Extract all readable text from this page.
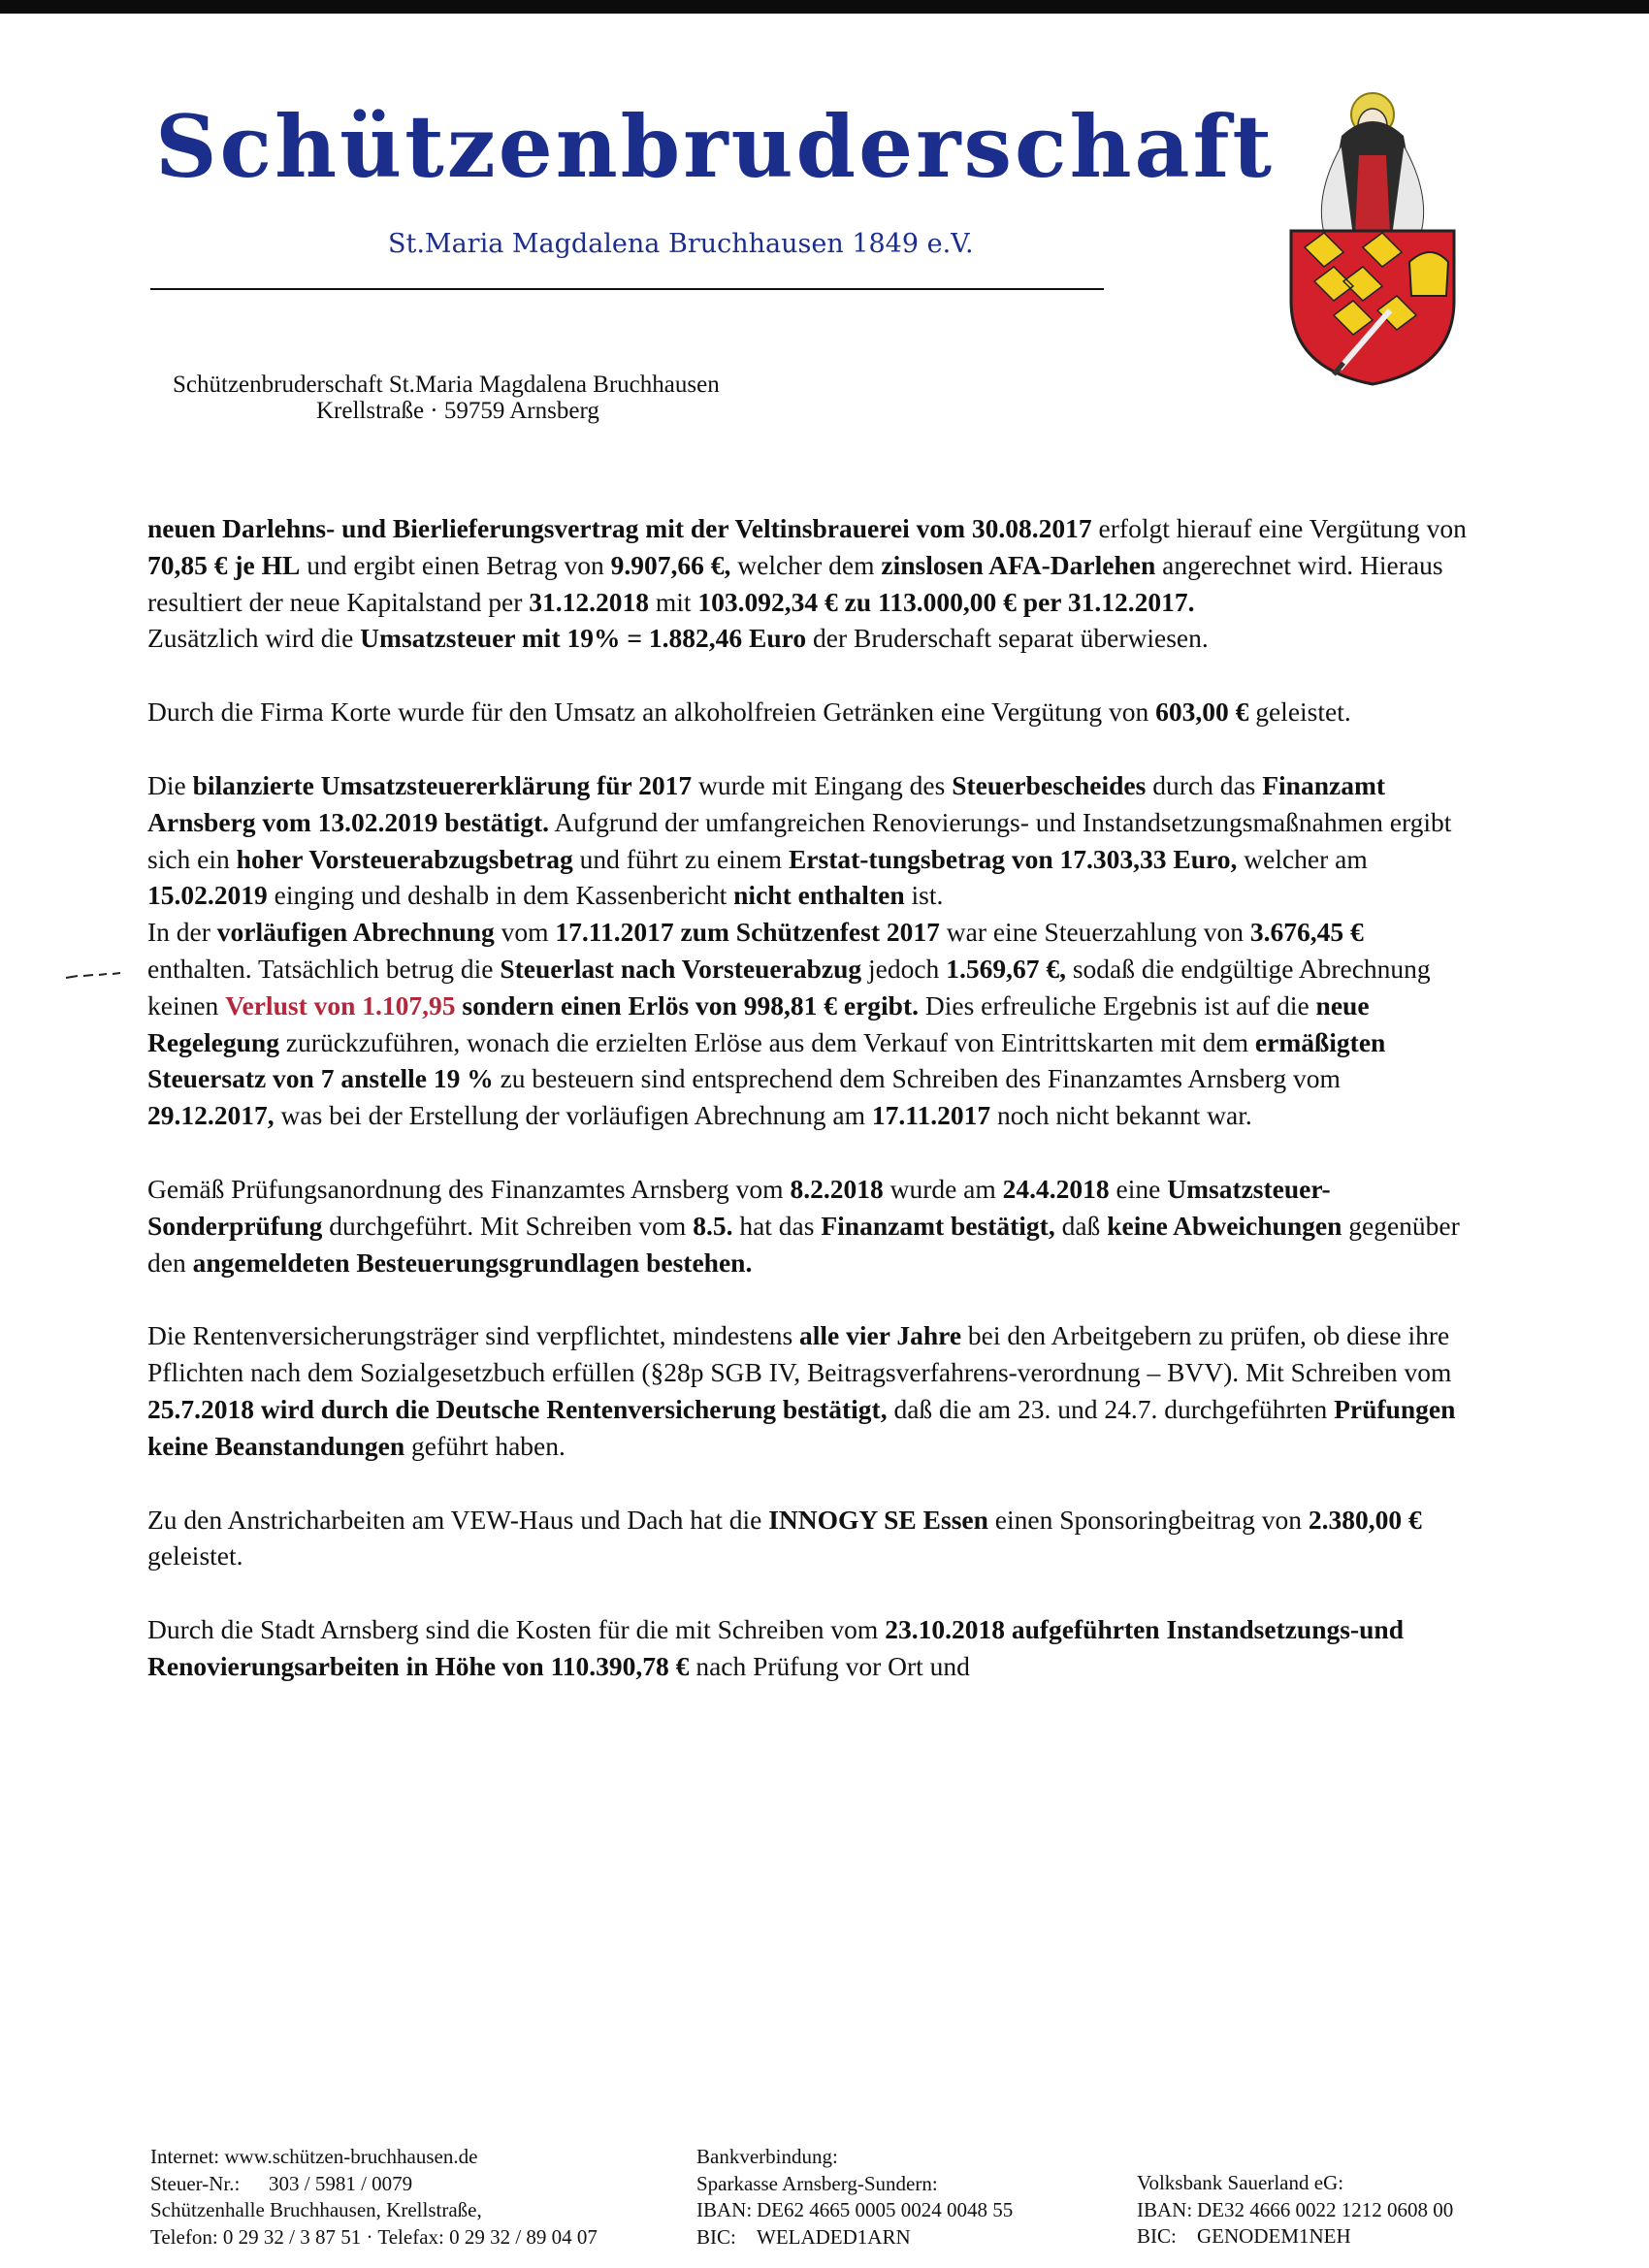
Schützenbruderschaft
St.Maria Magdalena Bruchhausen 1849 e.V.
Schützenbruderschaft St.Maria Magdalena Bruchhausen
Krellstraße · 59759 Arnsberg

neuen Darlehns- und Bierlieferungsvertrag mit der Veltinsbrauerei vom 30.08.2017 erfolgt hierauf eine Vergütung von 70,85 € je HL und ergibt einen Betrag von 9.907,66 €, welcher dem zinslosen AFA-Darlehen angerechnet wird. Hieraus resultiert der neue Kapitalstand per 31.12.2018 mit 103.092,34 € zu 113.000,00 € per 31.12.2017.
Zusätzlich wird die Umsatzsteuer mit 19% = 1.882,46 Euro der Bruderschaft separat überwiesen.

Durch die Firma Korte wurde für den Umsatz an alkoholfreien Getränken eine Vergütung von 603,00 € geleistet.

Die bilanzierte Umsatzsteuererklärung für 2017 wurde mit Eingang des Steuerbescheides durch das Finanzamt Arnsberg vom 13.02.2019 bestätigt. Aufgrund der umfangreichen Renovierungs- und Instandsetzungsmaßnahmen ergibt sich ein hoher Vorsteuerabzugsbetrag und führt zu einem Erstat-tungsbetrag von 17.303,33 Euro, welcher am 15.02.2019 einging und deshalb in dem Kassenbericht nicht enthalten ist.

In der vorläufigen Abrechnung vom 17.11.2017 zum Schützenfest 2017 war eine Steuerzahlung von 3.676,45 € enthalten. Tatsächlich betrug die Steuerlast nach Vorsteuerabzug jedoch 1.569,67 €, sodaß die endgültige Abrechnung keinen Verlust von 1.107,95 sondern einen Erlös von 998,81 € ergibt. Dies erfreuliche Ergebnis ist auf die neue Regelegung zurückzuführen, wonach die erzielten Erlöse aus dem Verkauf von Eintrittskarten mit dem ermäßigten Steuersatz von 7 anstelle 19 % zu besteuern sind entsprechend dem Schreiben des Finanzamtes Arnsberg vom 29.12.2017, was bei der Erstellung der vorläufigen Abrechnung am 17.11.2017 noch nicht bekannt war.

Gemäß Prüfungsanordnung des Finanzamtes Arnsberg vom 8.2.2018 wurde am 24.4.2018 eine Umsatzsteuer-Sonderprüfung durchgeführt. Mit Schreiben vom 8.5. hat das Finanzamt bestätigt, daß keine Abweichungen gegenüber den angemeldeten Besteuerungsgrundlagen bestehen.

Die Rentenversicherungsträger sind verpflichtet, mindestens alle vier Jahre bei den Arbeitgebern zu prüfen, ob diese ihre Pflichten nach dem Sozialgesetzbuch erfüllen (§28p SGB IV, Beitragsverfahrens-verordnung – BVV). Mit Schreiben vom 25.7.2018 wird durch die Deutsche Rentenversicherung bestätigt, daß die am 23. und 24.7. durchgeführten Prüfungen keine Beanstandungen geführt haben.

Zu den Anstricharbeiten am VEW-Haus und Dach hat die INNOGY SE Essen einen Sponsoringbeitrag von 2.380,00 € geleistet.

Durch die Stadt Arnsberg sind die Kosten für die mit Schreiben vom 23.10.2018 aufgeführten Instandsetzungs-und Renovierungsarbeiten in Höhe von 110.390,78 € nach Prüfung vor Ort und

Internet: www.schützen-bruchhausen.de
Steuer-Nr.:	303 / 5981 / 0079
Schützenhalle Bruchhausen, Krellstraße,
Telefon: 0 29 32 / 3 87 51 · Telefax: 0 29 32 / 89 04 07
Bankverbindung:
Sparkasse Arnsberg-Sundern:
IBAN: DE62 4665 0005 0024 0048 55
BIC:	WELADED1ARN
Volksbank Sauerland eG:
IBAN: DE32 4666 0022 1212 0608 00
BIC:	GENODEM1NEH
